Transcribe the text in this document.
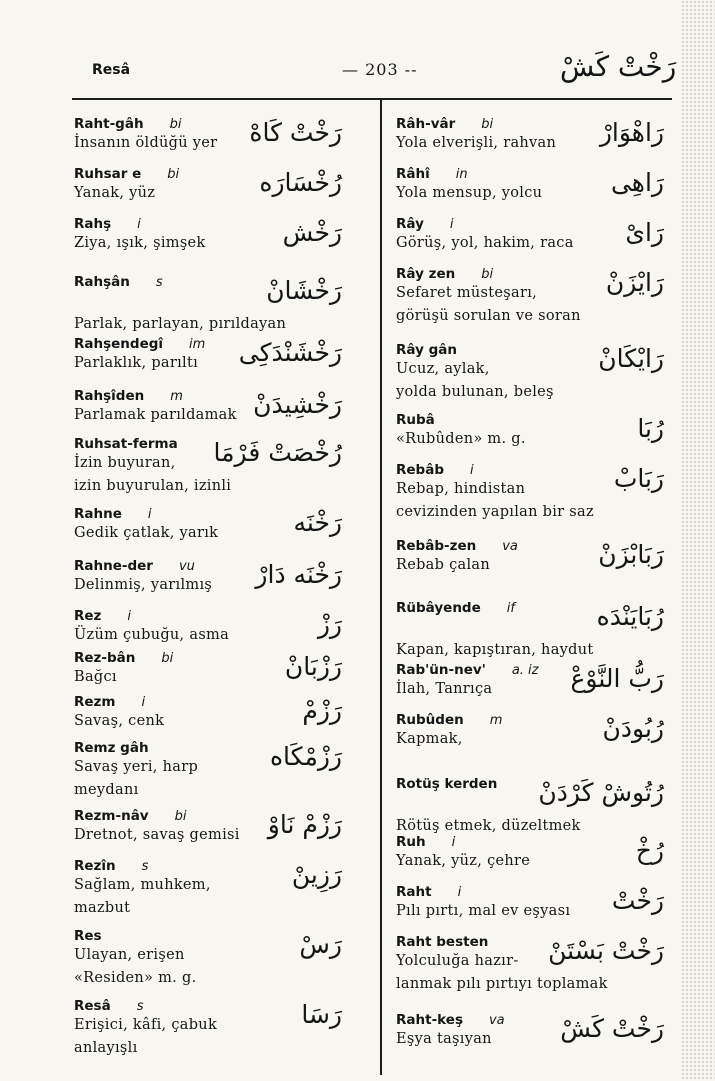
Resâ	— 203 --	رَخْتْ كَشْ
Raht-gâh bi
İnsanın öldüğü yer	رَخْتْ كَاهْ
Ruhsar e bi
Yanak, yüz	رُخْسَارَه
Rahş i
Ziya, ışık, şimşek	رَخْش
Rahşân s

Parlak, parlayan, pırıldayan
رَخْشَانْ
Rahşendegî im
Parlaklık, parıltı	رَخْشَنْدَكِى
Rahşîden m
Parlamak parıldamak رَخْشِيدَنْ
Ruhsat-ferma
İzin buyuran,
izin buyurulan, izinli
رُخْصَتْ فَرْمَا
Rahne i
Gedik çatlak, yarık	رَخْنَه
Rahne-der vu
Delinmiş, yarılmış	رَخْنَه دَارْ
Rez i
Üzüm çubuğu, asma	رَزْ
Rez-bân bi
Bağcı	رَزْبَانْ
Rezm i
Savaş, cenk	رَزْمْ
Remz gâh
Savaş yeri, harp
meydanı
رَزْمْكَاه
Rezm-nâv bi
Dretnot, savaş gemisi	رَزْمْ نَاوْ
Rezîn s
Sağlam, muhkem,
mazbut
رَزِينْ
Res
Ulayan, erişen
«Residen» m. g.
رَسْ
Resâ s
Erişici, kâfi, çabuk
anlayışlı
رَسَا
Râh-vâr bi
Yola elverişli, rahvan	رَاهْوَارْ
Râhî in
Yola mensup, yolcu	رَاهِى
Rây i
Görüş, yol, hakim, raca	رَاىْ
Rây zen bi
Sefaret müsteşarı,
görüşü sorulan ve soran
رَايْزَنْ
Rây gân
Ucuz, aylak,
yolda bulunan, beleş
رَايْكَانْ
Rubâ
«Rubûden» m. g.	رُبَا
Rebâb i
Rebap, hindistan
cevizinden yapılan bir saz
رَبَابْ
Rebâb-zen va
Rebab çalan	رَبَابْزَنْ
Rübâyende if

Kapan, kapıştıran, haydut
رُبَايَنْدَه
Rab'ün-nev' a. iz
İlah, Tanrıça	رَبُّ النَّوْعْ
Rubûden m
Kapmak,	رُبُودَنْ
Rotüş kerden

Rötüş etmek, düzeltmek
رُتُوشْ كَرْدَنْ
Ruh i
Yanak, yüz, çehre	رُخْ
Raht i
Pılı pırtı, mal ev eşyası	رَخْتْ
Raht besten
Yolculuğa hazır-
lanmak pılı pırtıyı toplamak
رَخْتْ بَسْتَنْ
Raht-keş va
Eşya taşıyan	رَخْتْ كَشْ
